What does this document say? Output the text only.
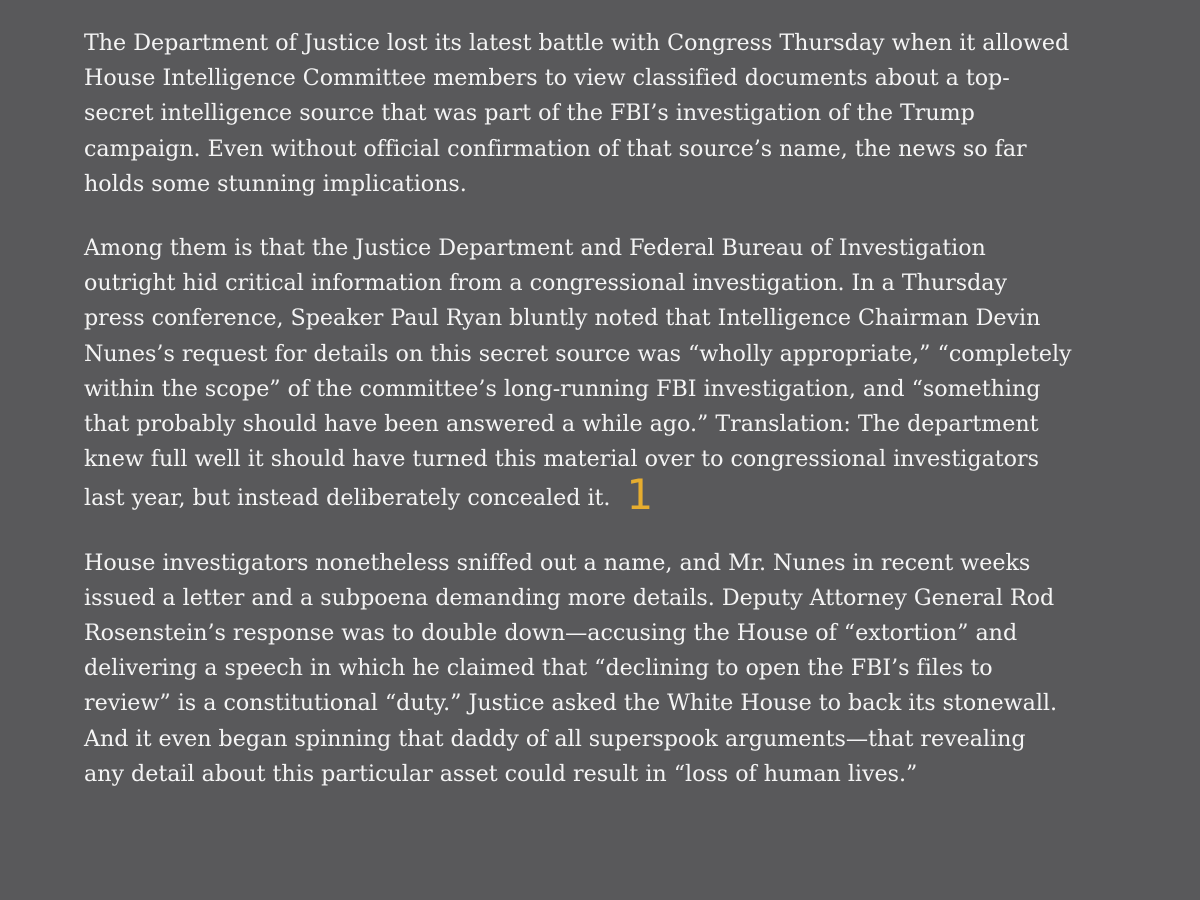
The Department of Justice lost its latest battle with Congress Thursday when it allowed
House Intelligence Committee members to view classified documents about a top-
secret intelligence source that was part of the FBI’s investigation of the Trump
campaign. Even without official confirmation of that source’s name, the news so far
holds some stunning implications.

Among them is that the Justice Department and Federal Bureau of Investigation
outright hid critical information from a congressional investigation. In a Thursday
press conference, Speaker Paul Ryan bluntly noted that Intelligence Chairman Devin
Nunes’s request for details on this secret source was “wholly appropriate,” “completely
within the scope” of the committee’s long-running FBI investigation, and “something
that probably should have been answered a while ago.” Translation: The department
knew full well it should have turned this material over to congressional investigators
last year, but instead deliberately concealed it. 1

House investigators nonetheless sniffed out a name, and Mr. Nunes in recent weeks
issued a letter and a subpoena demanding more details. Deputy Attorney General Rod
Rosenstein’s response was to double down—accusing the House of “extortion” and
delivering a speech in which he claimed that “declining to open the FBI’s files to
review” is a constitutional “duty.” Justice asked the White House to back its stonewall.
And it even began spinning that daddy of all superspook arguments—that revealing
any detail about this particular asset could result in “loss of human lives.”
